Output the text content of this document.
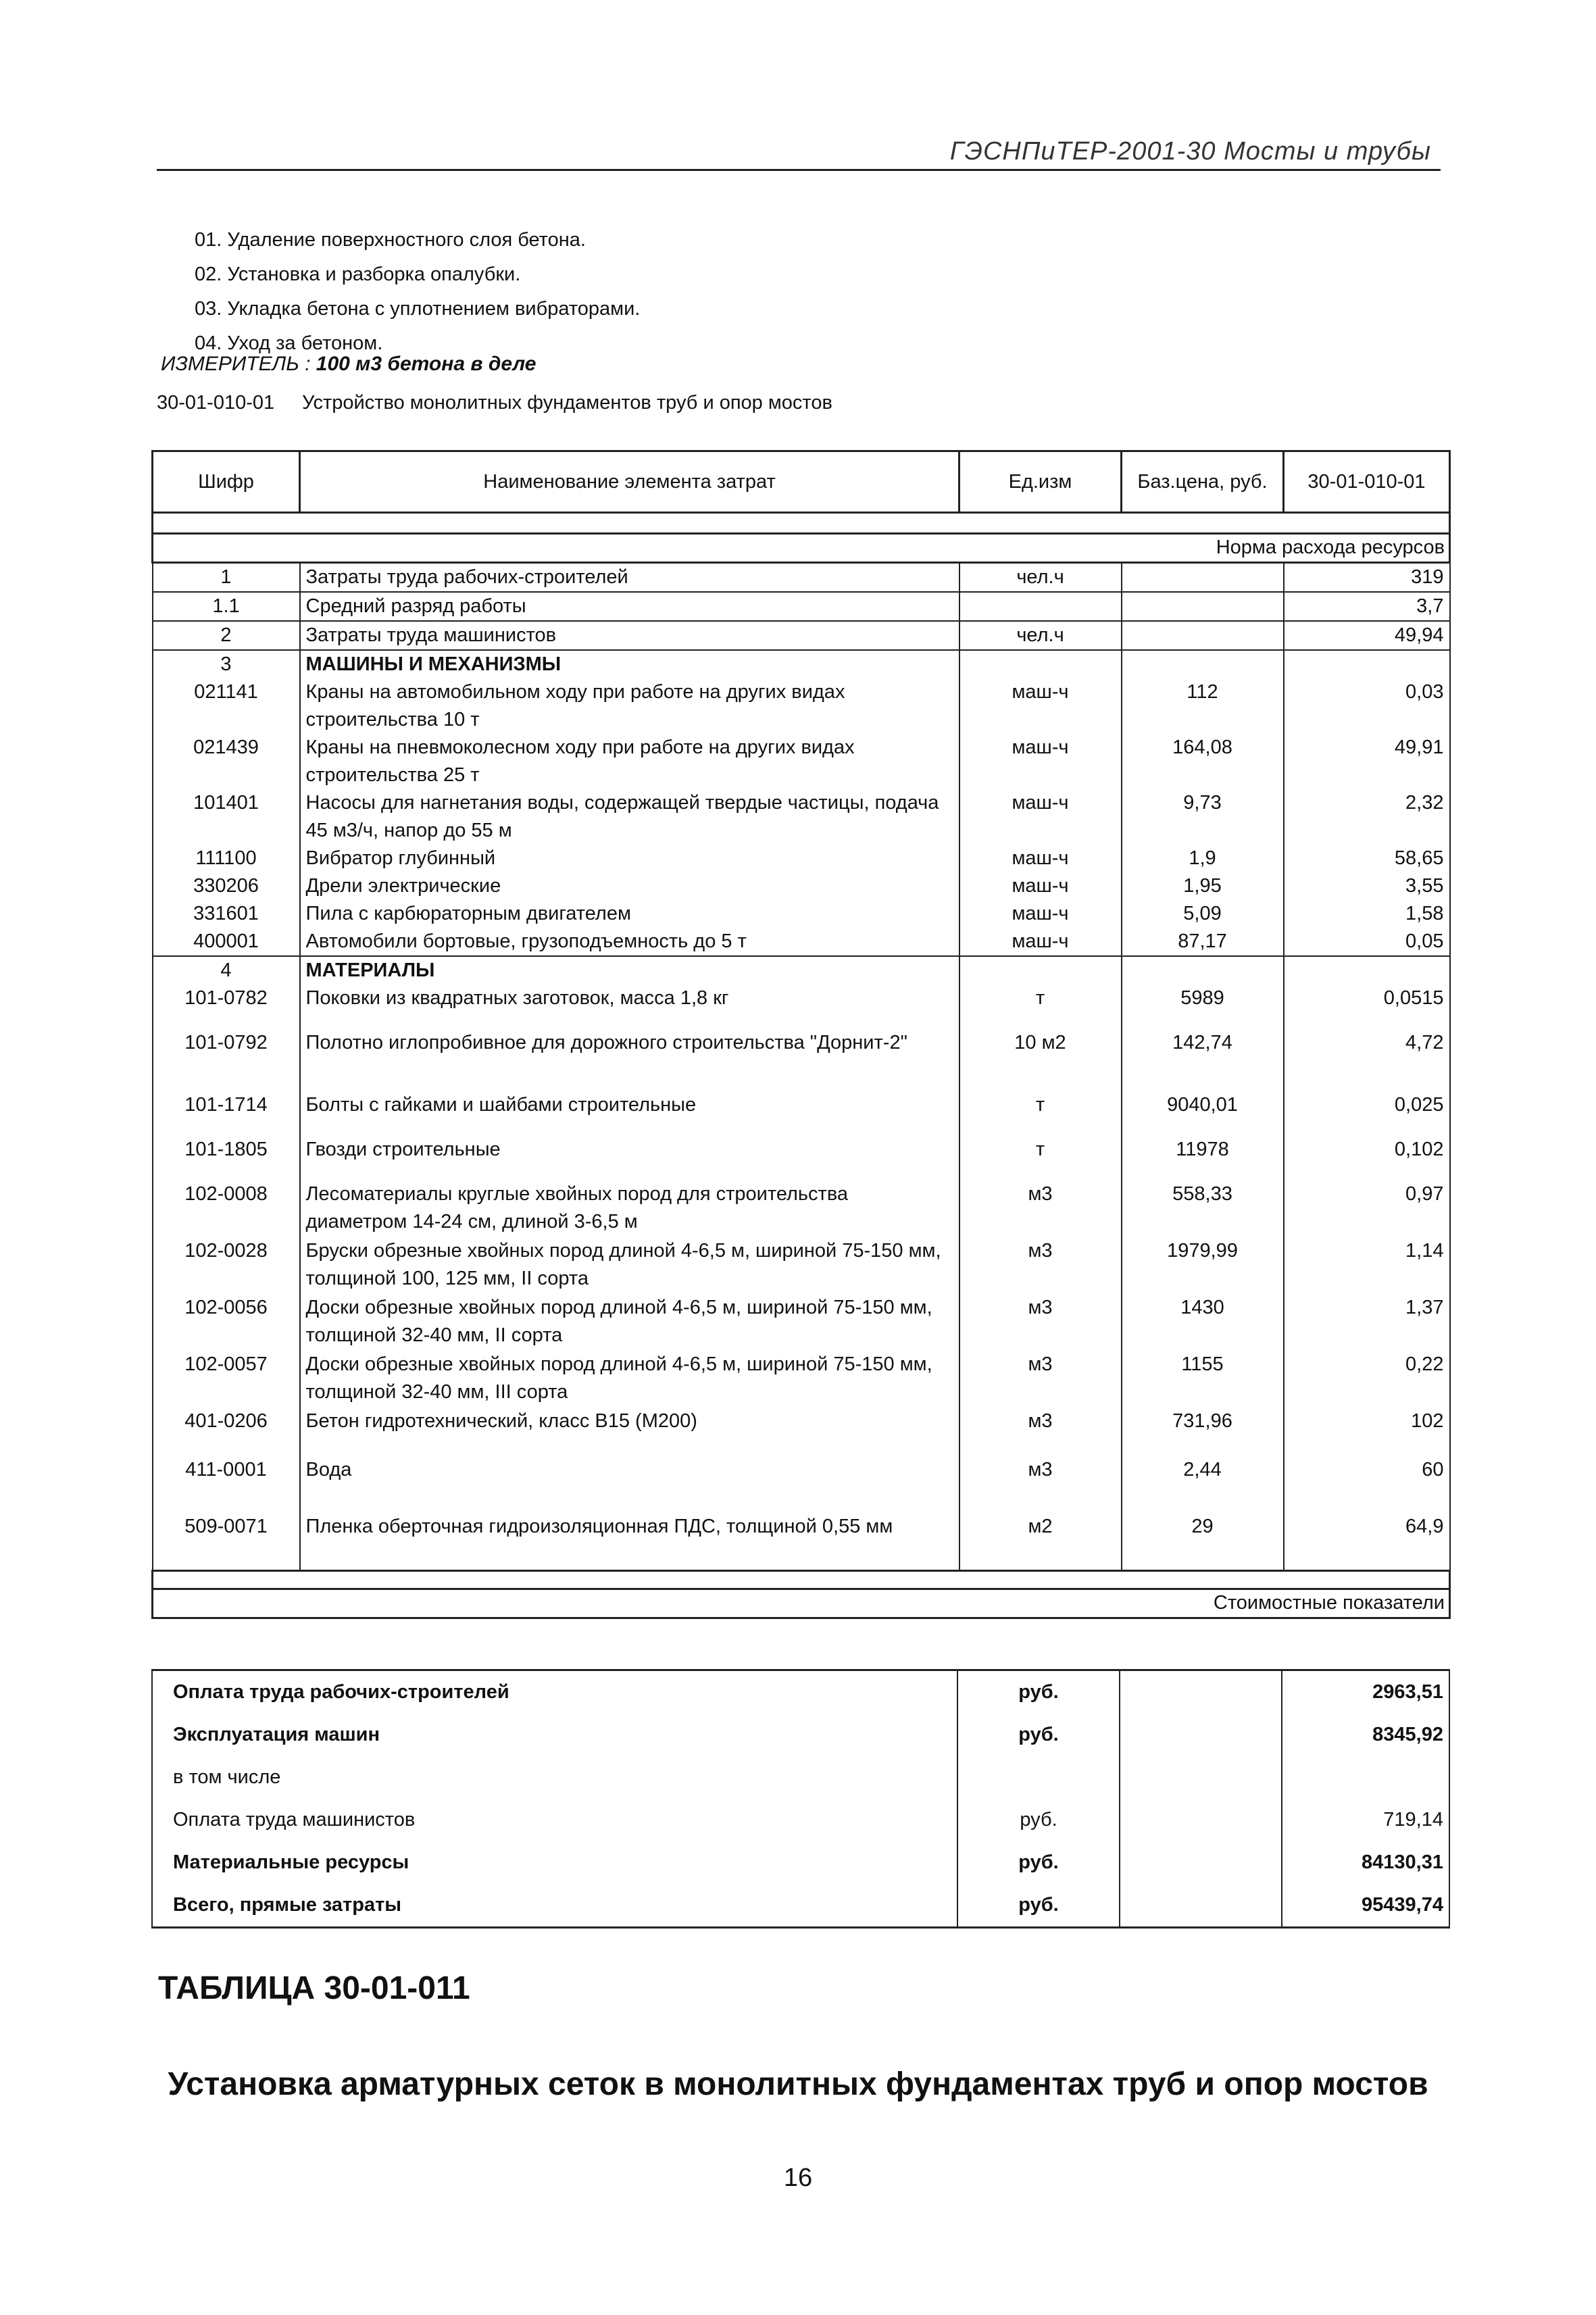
ГЭСНПиТЕР-2001-30 Мосты и трубы
01. Удаление поверхностного слоя бетона.
02. Установка и разборка опалубки.
03. Укладка бетона с уплотнением вибраторами.
04. Уход за бетоном.
ИЗМЕРИТЕЛЬ : 100 м3 бетона в деле
30-01-010-01 Устройство монолитных фундаментов труб и опор мостов
Шифр	Наименование элемента затрат	Ед.изм	Баз.цена, руб.	30-01-010-01

Норма расхода ресурсов				
1	Затраты труда рабочих-строителей	чел.ч		319
1.1	Средний разряд работы			3,7
2	Затраты труда машинистов	чел.ч		49,94
3	МАШИНЫ И МЕХАНИЗМЫ			
021141	Краны на автомобильном ходу при работе на других видах строительства 10 т	маш-ч	112	0,03
021439	Краны на пневмоколесном ходу при работе на других видах строительства 25 т	маш-ч	164,08	49,91
101401	Насосы для нагнетания воды, содержащей твердые частицы, подача 45 м3/ч, напор до 55 м	маш-ч	9,73	2,32
111100	Вибратор глубинный	маш-ч	1,9	58,65
330206	Дрели электрические	маш-ч	1,95	3,55
331601	Пила с карбюраторным двигателем	маш-ч	5,09	1,58
400001	Автомобили бортовые, грузоподъемность до 5 т	маш-ч	87,17	0,05
4	МАТЕРИАЛЫ			
101-0782	Поковки из квадратных заготовок, масса 1,8 кг	т	5989	0,0515
101-0792	Полотно иглопробивное для дорожного строительства "Дорнит-2"	10 м2	142,74	4,72
101-1714	Болты с гайками и шайбами строительные	т	9040,01	0,025
101-1805	Гвозди строительные	т	11978	0,102
102-0008	Лесоматериалы круглые хвойных пород для строительства диаметром 14-24 см, длиной 3-6,5 м	м3	558,33	0,97
102-0028	Бруски обрезные хвойных пород длиной 4-6,5 м, шириной 75-150 мм, толщиной 100, 125 мм, II сорта	м3	1979,99	1,14
102-0056	Доски обрезные хвойных пород длиной 4-6,5 м, шириной 75-150 мм, толщиной 32-40 мм, II сорта	м3	1430	1,37
102-0057	Доски обрезные хвойных пород длиной 4-6,5 м, шириной 75-150 мм, толщиной 32-40 мм, III сорта	м3	1155	0,22
401-0206	Бетон гидротехнический, класс В15 (М200)	м3	731,96	102
411-0001	Вода	м3	2,44	60
509-0071	Пленка оберточная гидроизоляционная ПДС, толщиной 0,55 мм	м2	29	64,9

Стоимостные показатели				
Оплата труда рабочих-строителей	руб.		2963,51
Эксплуатация машин	руб.		8345,92
в том числе			
Оплата труда машинистов	руб.		719,14
Материальные ресурсы	руб.		84130,31
Всего, прямые затраты	руб.		95439,74
ТАБЛИЦА 30-01-011
Установка арматурных сеток в монолитных фундаментах труб и опор мостов
16
